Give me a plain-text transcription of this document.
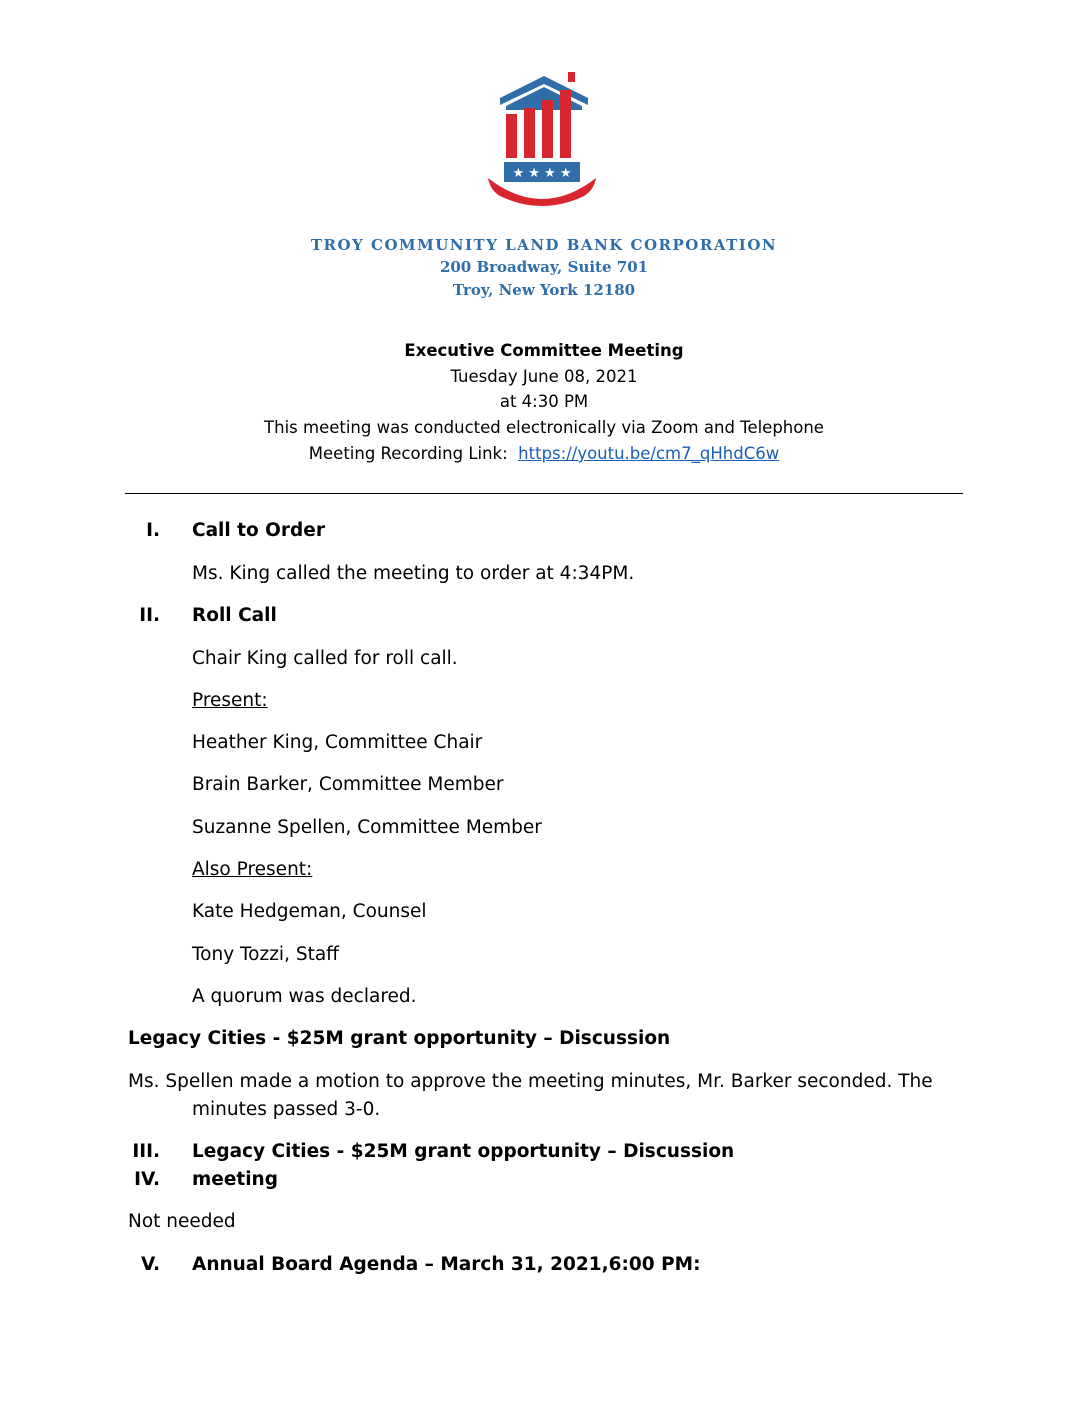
★ ★ ★ ★
TROY COMMUNITY LAND BANK CORPORATION
200 Broadway, Suite 701
Troy, New York 12180
Executive Committee Meeting
Tuesday June 08, 2021
at 4:30 PM
This meeting was conducted electronically via Zoom and Telephone
Meeting Recording Link: https://youtu.be/cm7_qHhdC6w
I. Call to Order
Ms. King called the meeting to order at 4:34PM.
II. Roll Call
Chair King called for roll call.
Present:
Heather King, Committee Chair
Brain Barker, Committee Member
Suzanne Spellen, Committee Member
Also Present:
Kate Hedgeman, Counsel
Tony Tozzi, Staff
A quorum was declared.
Legacy Cities - $25M grant opportunity – Discussion
Ms. Spellen made a motion to approve the meeting minutes, Mr. Barker seconded. The
minutes passed 3-0.
III. Legacy Cities - $25M grant opportunity – Discussion
IV. meeting
Not needed
V. Annual Board Agenda – March 31, 2021,6:00 PM:
